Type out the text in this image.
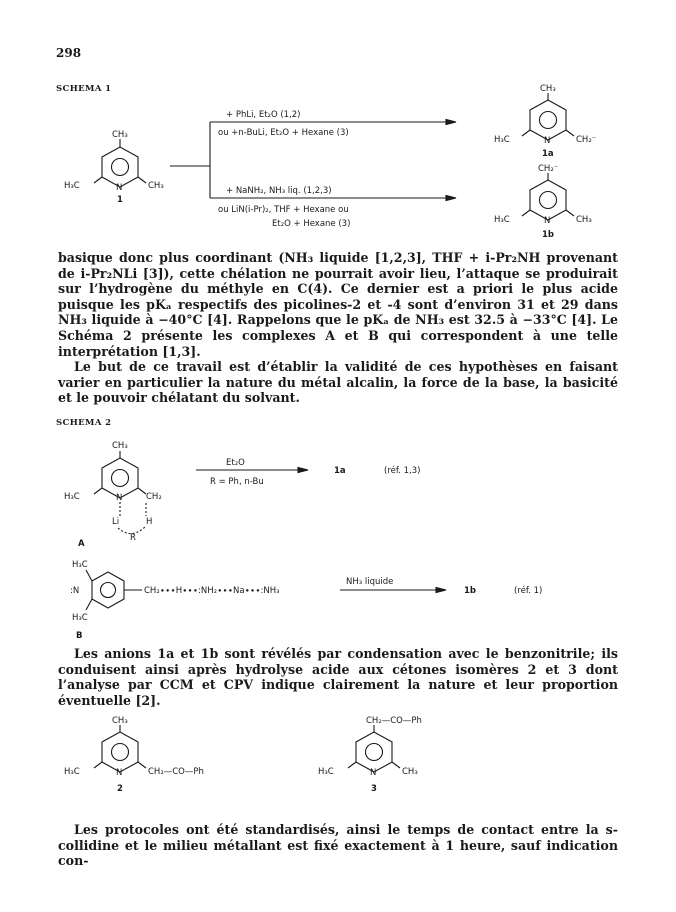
298
SCHEMA 1
CH₃
H₃C	N	CH₃
1
+ PhLi, Et₂O (1,2)
ou +n-BuLi, Et₂O + Hexane (3)
+ NaNH₂, NH₃ liq. (1,2,3)
ou LiN(i-Pr)₂, THF + Hexane ou
Et₂O + Hexane (3)
CH₃
H₃C	N	CH₂⁻
1a
CH₂⁻
H₃C	N	CH₃
1b

basique donc plus coordinant (NH₃ liquide [1,2,3], THF + i-Pr₂NH provenant de i-Pr₂NLi [3]), cette chélation ne pourrait avoir lieu, l’attaque se produirait sur l’hydrogène du méthyle en C(4). Ce dernier est a priori le plus acide puisque les pKₐ respectifs des picolines-2 et -4 sont d’environ 31 et 29 dans NH₃ liquide à −40°C [4]. Rappelons que le pKₐ de NH₃ est 32.5 à −33°C [4]. Le Schéma 2 présente les complexes A et B qui correspondent à une telle interprétation [1,3].

Le but de ce travail est d’établir la validité de ces hypothèses en faisant varier en particulier la nature du métal alcalin, la force de la base, la basicité et le pouvoir chélatant du solvant.

SCHEMA 2
CH₃
H₃C	N	CH₂
Li	H
R
A
Et₂O
R = Ph, n-Bu
1a	(réf. 1,3)
H₃C
H₃C
:N	CH₂∙∙∙H∙∙∙:NH₂∙∙∙Na∙∙∙:NH₃
NH₃ liquide
1b	(réf. 1)
B

Les anions 1a et 1b sont révélés par condensation avec le benzonitrile; ils conduisent ainsi après hydrolyse acide aux cétones isomères 2 et 3 dont l’analyse par CCM et CPV indique clairement la nature et leur proportion éventuelle [2].

CH₃
H₃C	N	CH₂—CO—Ph
2
CH₂—CO—Ph
H₃C	N	CH₃
3

Les protocoles ont été standardisés, ainsi le temps de contact entre la s-collidine et le milieu métallant est fixé exactement à 1 heure, sauf indication con-
